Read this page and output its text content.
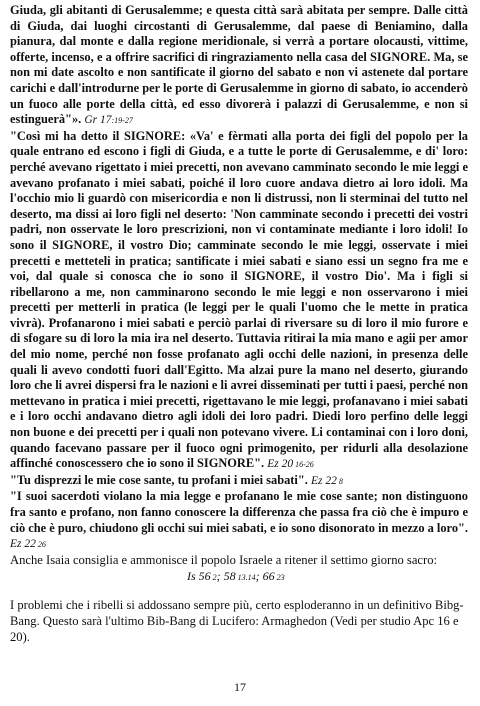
Giuda, gli abitanti di Gerusalemme; e questa città sarà abitata per sempre. Dalle città di Giuda, dai luoghi circostanti di Gerusalemme, dal paese di Beniamino, dalla pianura, dal monte e dalla regione meridionale, si verrà a portare olocausti, vittime, offerte, incenso, e a offrire sacrifici di ringraziamento nella casa del SIGNORE. Ma, se non mi date ascolto e non santificate il giorno del sabato e non vi astenete dal portare carichi e dall'introdurne per le porte di Gerusalemme in giorno di sabato, io accenderò un fuoco alle porte della città, ed esso divorerà i palazzi di Gerusalemme, e non si estinguerà"». Gr 17:19-27

"Così mi ha detto il SIGNORE: «Va' e fèrmati alla porta dei figli del popolo per la quale entrano ed escono i figli di Giuda, e a tutte le porte di Gerusalemme, e di' loro: perché avevano rigettato i miei precetti, non avevano camminato secondo le mie leggi e avevano profanato i miei sabati, poiché il loro cuore andava dietro ai loro idoli. Ma l'occhio mio li guardò con misericordia e non li distrussi, non li sterminai del tutto nel deserto, ma dissi ai loro figli nel deserto: 'Non camminate secondo i precetti dei vostri padri, non osservate le loro prescrizioni, non vi contaminate mediante i loro idoli! Io sono il SIGNORE, il vostro Dio; camminate secondo le mie leggi, osservate i miei precetti e metteteli in pratica; santificate i miei sabati e siano essi un segno fra me e voi, dal quale si conosca che io sono il SIGNORE, il vostro Dio'. Ma i figli si ribellarono a me, non camminarono secondo le mie leggi e non osservarono i miei precetti per metterli in pratica (le leggi per le quali l'uomo che le mette in pratica vivrà). Profanarono i miei sabati e perciò parlai di riversare su di loro il mio furore e di sfogare su di loro la mia ira nel deserto. Tuttavia ritirai la mia mano e agii per amor del mio nome, perché non fosse profanato agli occhi delle nazioni, in presenza delle quali li avevo condotti fuori dall'Egitto. Ma alzai pure la mano nel deserto, giurando loro che li avrei dispersi fra le nazioni e li avrei disseminati per tutti i paesi, perché non mettevano in pratica i miei precetti, rigettavano le mie leggi, profanavano i miei sabati e i loro occhi andavano dietro agli idoli dei loro padri. Diedi loro perfino delle leggi non buone e dei precetti per i quali non potevano vivere. Li contaminai con i loro doni, quando facevano passare per il fuoco ogni primogenito, per ridurli alla desolazione affinché conoscessero che io sono il SIGNORE". Ez 20 16-26

"Tu disprezzi le mie cose sante, tu profani i miei sabati". Ez 22 8

"I suoi sacerdoti violano la mia legge e profanano le mie cose sante; non distinguono fra santo e profano, non fanno conoscere la differenza che passa fra ciò che è impuro e ciò che è puro, chiudono gli occhi sui miei sabati, e io sono disonorato in mezzo a loro". Ez 22 26

Anche Isaia consiglia e ammonisce il popolo Israele a ritener il settimo giorno sacro:

Is 56 2; 58 13.14; 66 23

I problemi che i ribelli si addossano sempre più, certo esploderanno in un definitivo Bibg-Bang. Questo sarà l'ultimo Bib-Bang di Lucifero: Armaghedon (Vedi per studio Apc 16 e 20).

17
